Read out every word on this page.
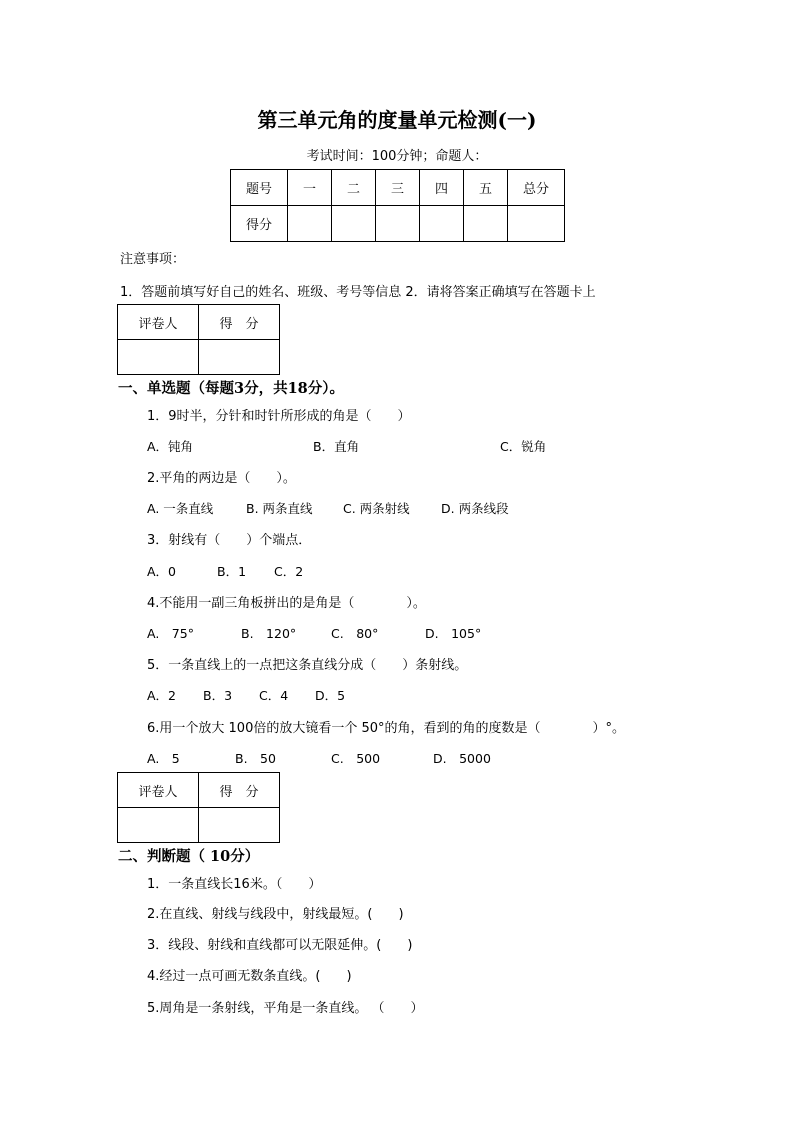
第三单元角的度量单元检测(一)
考试时间：100分钟；命题人：
题号	一	二	三	四	五	总分
得分						
注意事项：
1．答题前填写好自己的姓名、班级、考号等信息 2．请将答案正确填写在答题卡上
评卷人	得　分

一、单选题（每题3分，共18分）。
1．9时半，分针和时针所形成的角是（　　）
A．钝角	B．直角	C．锐角
2.平角的两边是（　　）。
A. 一条直线	B. 两条直线 C. 两条射线	D. 两条线段
3．射线有（　　）个端点．
A．0	B．1 C．2
4.不能用一副三角板拼出的是角是（　　　　）。
A.　75°	B.　120°	C.　80°	D.　105°
5．一条直线上的一点把这条直线分成（　　）条射线。
A．2 B．3 C．4 D．5
6.用一个放大 100倍的放大镜看一个 50°的角，看到的角的度数是（　　　　）°。
A.　5	B.　50	C.　500	D.　5000
评卷人	得　分

二、判断题（ 10分）
1．一条直线长16米。（　　）
2.在直线、射线与线段中，射线最短。(　　)
3．线段、射线和直线都可以无限延伸。(　　)
4.经过一点可画无数条直线。(　　)
5.周角是一条射线，平角是一条直线。 （　　）
